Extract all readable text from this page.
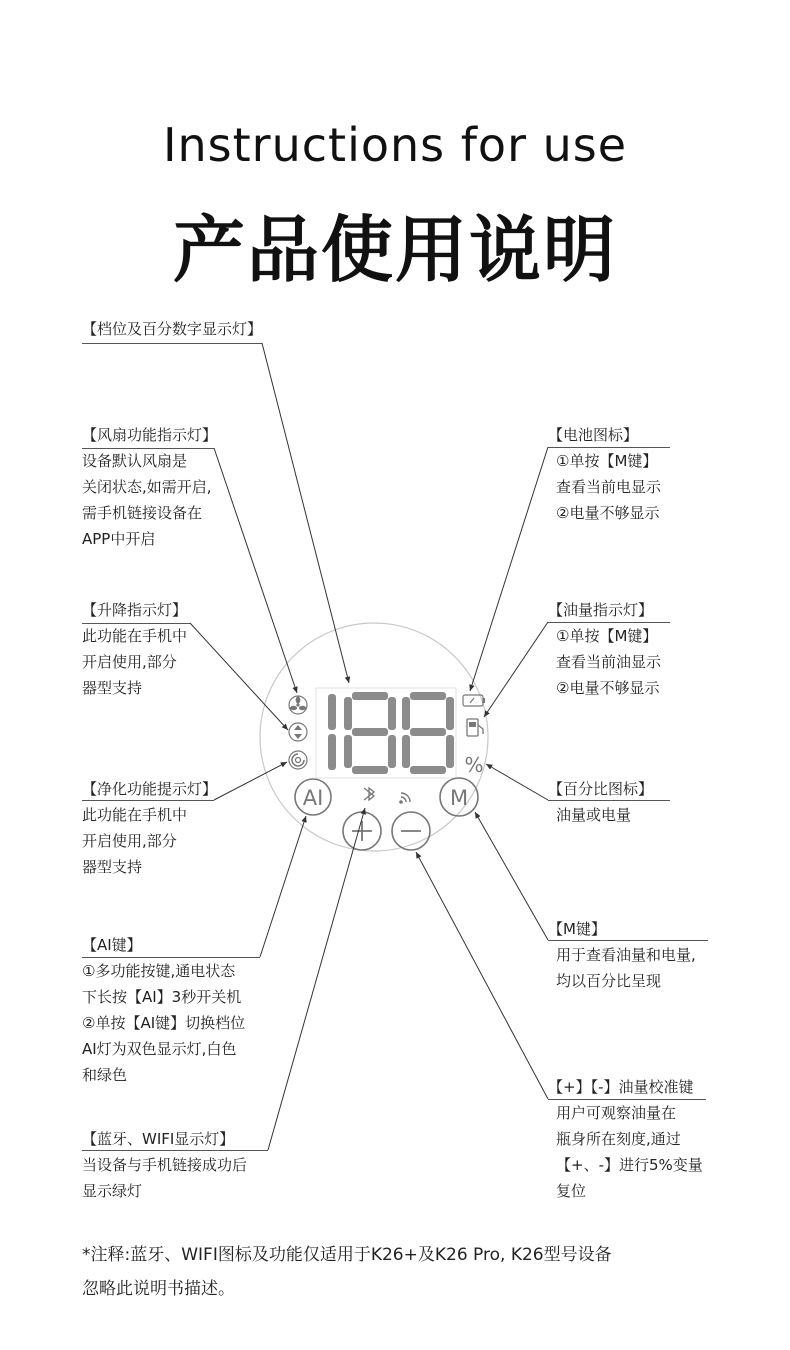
Instructions for use
产品使用说明
【档位及百分数字显示灯】
【风扇功能指示灯】
设备默认风扇是
关闭状态,如需开启,
需手机链接设备在
APP中开启
【升降指示灯】
此功能在手机中
开启使用,部分
器型支持
【净化功能提示灯】
此功能在手机中
开启使用,部分
器型支持
【AI键】
①多功能按键,通电状态
下长按【AI】3秒开关机
②单按【AI键】切换档位
AI灯为双色显示灯,白色
和绿色
【蓝牙、WIFI显示灯】
当设备与手机链接成功后
显示绿灯
【电池图标】
①单按【M键】
查看当前电显示
②电量不够显示
【油量指示灯】
①单按【M键】
查看当前油显示
②电量不够显示
【百分比图标】
油量或电量
【M键】
用于查看油量和电量,
均以百分比呈现
【+】【-】油量校准键
用户可观察油量在
瓶身所在刻度,通过
【+、-】进行5%变量
复位
%
AI	M
*注释:蓝牙、WIFI图标及功能仅适用于K26+及K26 Pro, K26型号设备
忽略此说明书描述。
